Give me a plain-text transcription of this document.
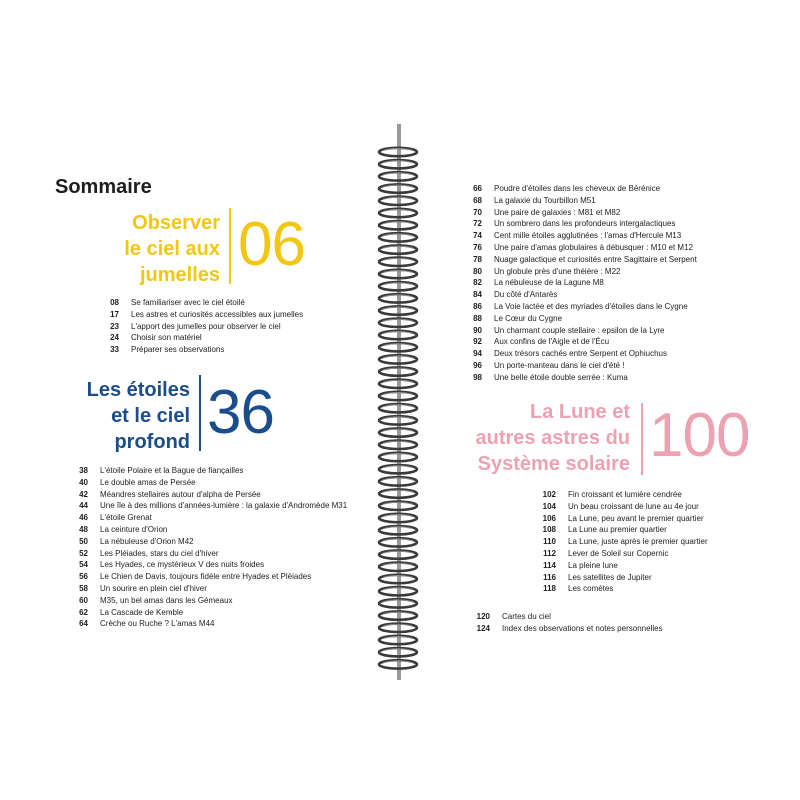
Sommaire
Observer
le ciel aux
jumelles 06
08 Se familiariser avec le ciel étoilé
17 Les astres et curiosités accessibles aux jumelles
23 L'apport des jumelles pour observer le ciel
24 Choisir son matériel
33 Préparer ses observations
Les étoiles
et le ciel
profond 36
38 L'étoile Polaire et la Bague de fiançailles
40 Le double amas de Persée
42 Méandres stellaires autour d'alpha de Persée
44 Une île à des millions d'années-lumière : la galaxie d'Andromède M31
46 L'étoile Grenat
48 La ceinture d'Orion
50 La nébuleuse d'Orion M42
52 Les Pléiades, stars du ciel d'hiver
54 Les Hyades, ce mystérieux V des nuits froides
56 Le Chien de Davis, toujours fidèle entre Hyades et Pléiades
58 Un sourire en plein ciel d'hiver
60 M35, un bel amas dans les Gémeaux
62 La Cascade de Kemble
64 Crèche ou Ruche ? L'amas M44
66 Poudre d'étoiles dans les cheveux de Bérénice
68 La galaxie du Tourbillon M51
70 Une paire de galaxies : M81 et M82
72 Un sombrero dans les profondeurs intergalactiques
74 Cent mille étoiles agglutinées : l'amas d'Hercule M13
76 Une paire d'amas globulaires à débusquer : M10 et M12
78 Nuage galactique et curiosités entre Sagittaire et Serpent
80 Un globule près d'une théière : M22
82 La nébuleuse de la Lagune M8
84 Du côté d'Antarès
86 La Voie lactée et des myriades d'étoiles dans le Cygne
88 Le Cœur du Cygne
90 Un charmant couple stellaire : epsilon de la Lyre
92 Aux confins de l'Aigle et de l'Écu
94 Deux trésors cachés entre Serpent et Ophiuchus
96 Un porte-manteau dans le ciel d'été !
98 Une belle étoile double serrée : Kuma
La Lune et
autres astres du
Système solaire 100
102 Fin croissant et lumière cendrée
104 Un beau croissant de lune au 4e jour
106 La Lune, peu avant le premier quartier
108 La Lune au premier quartier
110 La Lune, juste après le premier quartier
112 Lever de Soleil sur Copernic
114 La pleine lune
116 Les satellites de Jupiter
118 Les comètes
120 Cartes du ciel
124 Index des observations et notes personnelles
